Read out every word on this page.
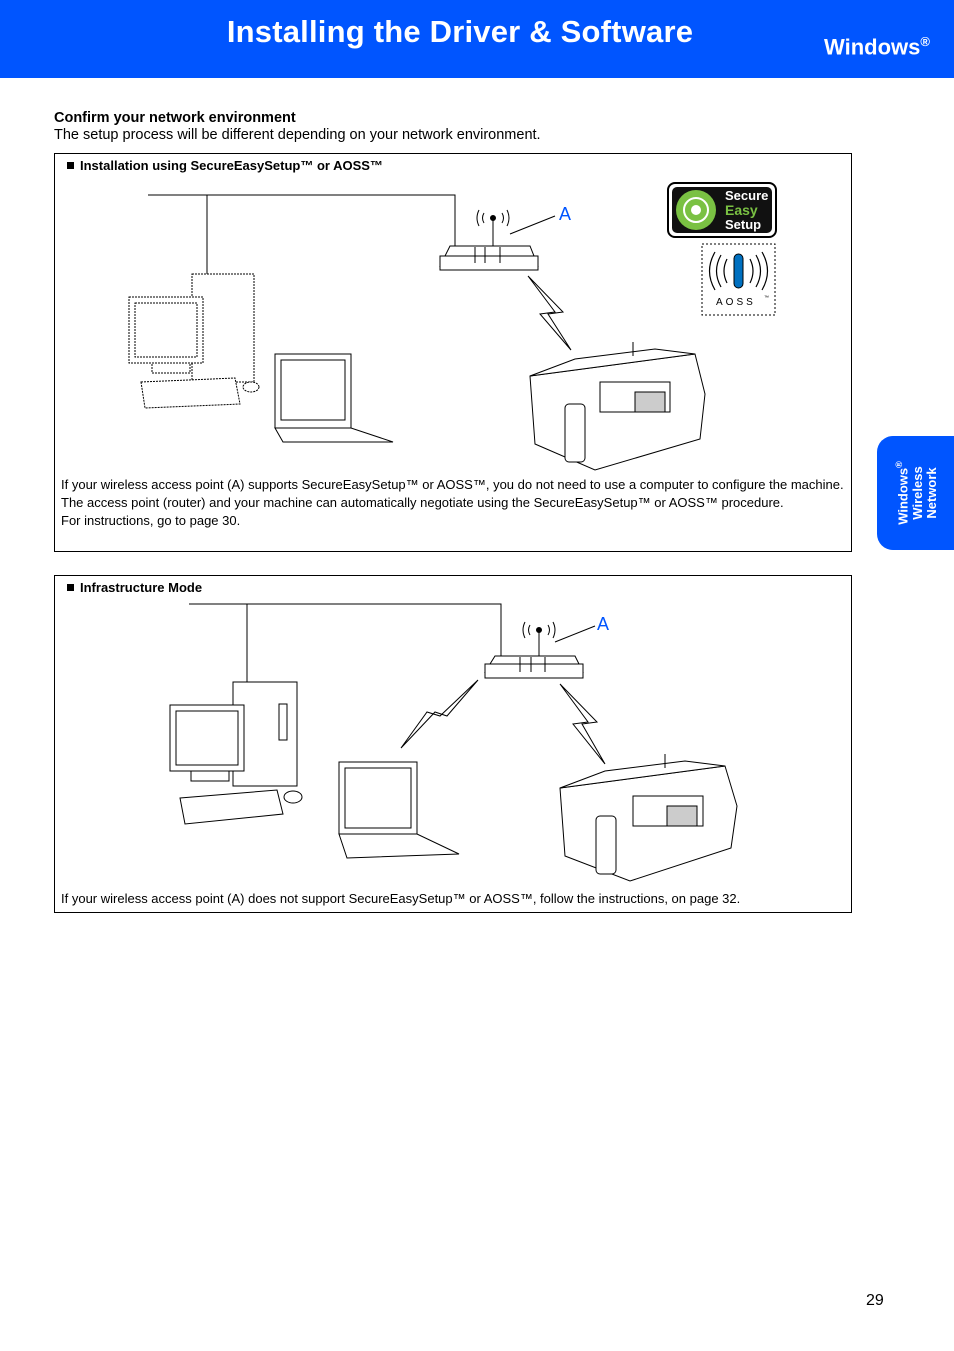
Installing the Driver & Software	Windows®
Confirm your network environment
The setup process will be different depending on your network environment.
Installation using SecureEasySetup™ or AOSS™
A
Secure
Easy
Setup
AOSS ™

If your wireless access point (A) supports SecureEasySetup™ or AOSS™, you do not need to use a computer to configure the machine. The access point (router) and your machine can automatically negotiate using the SecureEasySetup™ or AOSS™ procedure.

For instructions, go to page 30.

Infrastructure Mode
A

If your wireless access point (A) does not support SecureEasySetup™ or AOSS™, follow the instructions, on page 32.

Windows®
Wireless Network
29
